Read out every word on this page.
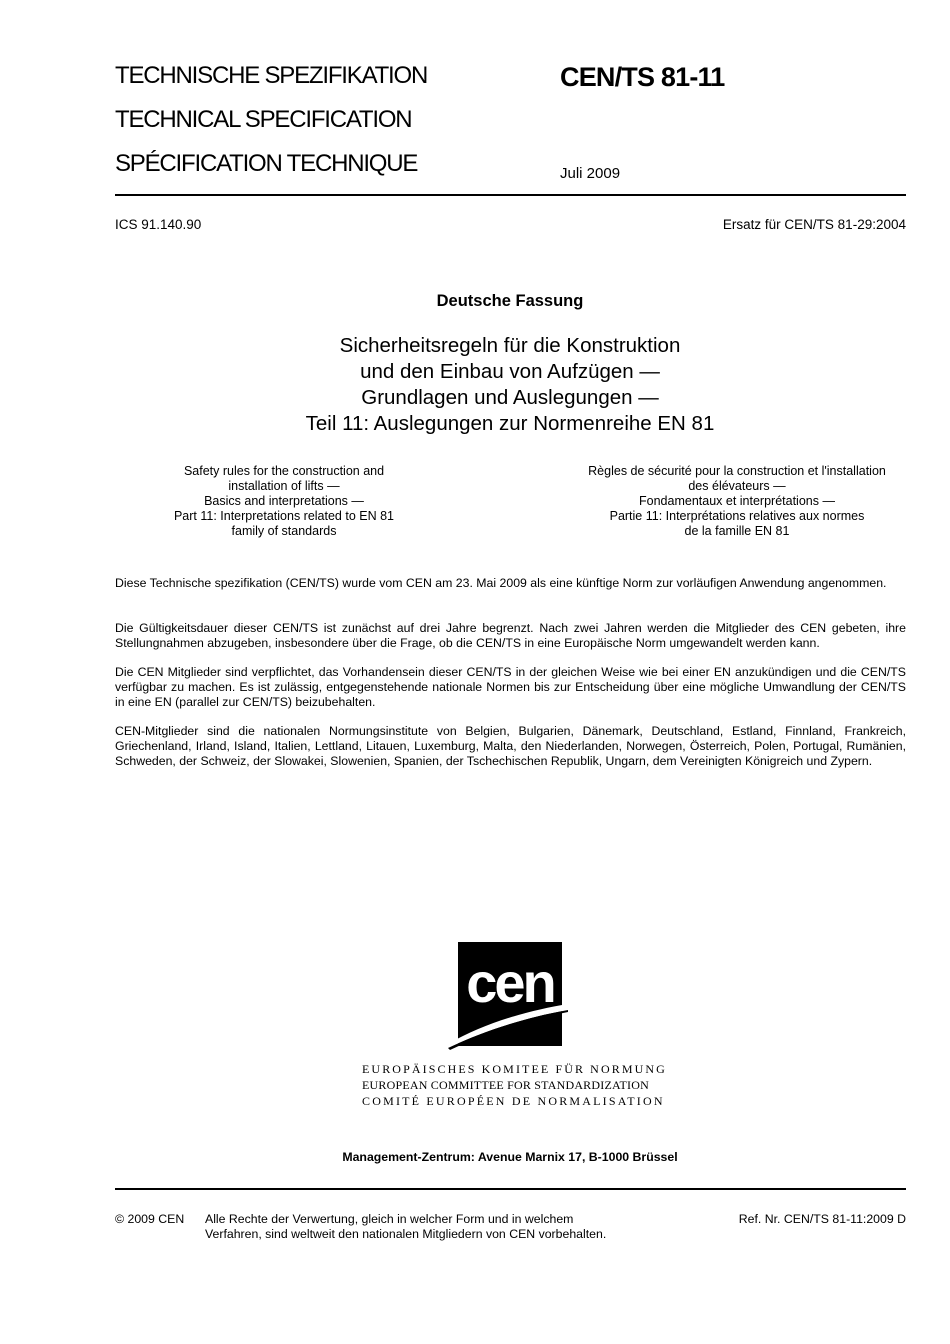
TECHNISCHE SPEZIFIKATION
TECHNICAL SPECIFICATION
SPÉCIFICATION TECHNIQUE
CEN/TS 81-11
Juli 2009
ICS 91.140.90	Ersatz für CEN/TS 81-29:2004
Deutsche Fassung
Sicherheitsregeln für die Konstruktion
und den Einbau von Aufzügen —
Grundlagen und Auslegungen —
Teil 11: Auslegungen zur Normenreihe EN 81
Safety rules for the construction and
installation of lifts —
Basics and interpretations —
Part 11: Interpretations related to EN 81
family of standards
Règles de sécurité pour la construction et l'installation
des élévateurs —
Fondamentaux et interprétations —
Partie 11: Interprétations relatives aux normes
de la famille EN 81
Diese Technische spezifikation (CEN/TS) wurde vom CEN am 23. Mai 2009 als eine künftige Norm zur vorläufigen Anwendung angenommen.
Die Gültigkeitsdauer dieser CEN/TS ist zunächst auf drei Jahre begrenzt. Nach zwei Jahren werden die Mitglieder des CEN gebeten, ihre Stellungnahmen abzugeben, insbesondere über die Frage, ob die CEN/TS in eine Europäische Norm umgewandelt werden kann.
Die CEN Mitglieder sind verpflichtet, das Vorhandensein dieser CEN/TS in der gleichen Weise wie bei einer EN anzukündigen und die CEN/TS verfügbar zu machen. Es ist zulässig, entgegenstehende nationale Normen bis zur Entscheidung über eine mögliche Umwandlung der CEN/TS in eine EN (parallel zur CEN/TS) beizubehalten.
CEN-Mitglieder sind die nationalen Normungsinstitute von Belgien, Bulgarien, Dänemark, Deutschland, Estland, Finnland, Frankreich, Griechenland, Irland, Island, Italien, Lettland, Litauen, Luxemburg, Malta, den Niederlanden, Norwegen, Österreich, Polen, Portugal, Rumänien, Schweden, der Schweiz, der Slowakei, Slowenien, Spanien, der Tschechischen Republik, Ungarn, dem Vereinigten Königreich und Zypern.
cen
EUROPÄISCHES KOMITEE FÜR NORMUNG
EUROPEAN COMMITTEE FOR STANDARDIZATION
COMITÉ EUROPÉEN DE NORMALISATION
Management-Zentrum: Avenue Marnix 17, B-1000 Brüssel
© 2009 CEN Alle Rechte der Verwertung, gleich in welcher Form und in welchem
Verfahren, sind weltweit den nationalen Mitgliedern von CEN vorbehalten.
Ref. Nr. CEN/TS 81-11:2009 D
